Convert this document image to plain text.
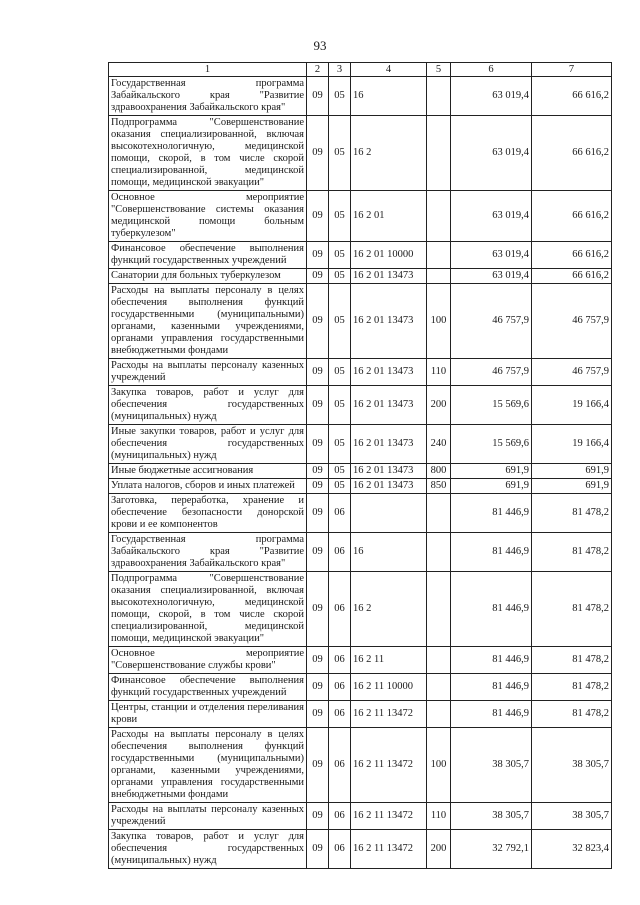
93
1	2	3	4	5	6	7
Государственная программа Забайкальского края "Развитие здравоохранения Забайкальского края"	09	05	16		63 019,4	66 616,2
Подпрограмма "Совершенствование оказания специализированной, включая высокотехнологичную, медицинской помощи, скорой, в том числе скорой специализированной, медицинской помощи, медицинской эвакуации"	09	05	16 2		63 019,4	66 616,2
Основное мероприятие "Совершенствование системы оказания медицинской помощи больным туберкулезом"	09	05	16 2 01		63 019,4	66 616,2
Финансовое обеспечение выполнения функций государственных учреждений	09	05	16 2 01 10000		63 019,4	66 616,2
Санатории для больных туберкулезом	09	05	16 2 01 13473		63 019,4	66 616,2
Расходы на выплаты персоналу в целях обеспечения выполнения функций государственными (муниципальными) органами, казенными учреждениями, органами управления государственными внебюджетными фондами	09	05	16 2 01 13473	100	46 757,9	46 757,9
Расходы на выплаты персоналу казенных учреждений	09	05	16 2 01 13473	110	46 757,9	46 757,9
Закупка товаров, работ и услуг для обеспечения государственных (муниципальных) нужд	09	05	16 2 01 13473	200	15 569,6	19 166,4
Иные закупки товаров, работ и услуг для обеспечения государственных (муниципальных) нужд	09	05	16 2 01 13473	240	15 569,6	19 166,4
Иные бюджетные ассигнования	09	05	16 2 01 13473	800	691,9	691,9
Уплата налогов, сборов и иных платежей	09	05	16 2 01 13473	850	691,9	691,9
Заготовка, переработка, хранение и обеспечение безопасности донорской крови и ее компонентов	09	06			81 446,9	81 478,2
Государственная программа Забайкальского края "Развитие здравоохранения Забайкальского края"	09	06	16		81 446,9	81 478,2
Подпрограмма "Совершенствование оказания специализированной, включая высокотехнологичную, медицинской помощи, скорой, в том числе скорой специализированной, медицинской помощи, медицинской эвакуации"	09	06	16 2		81 446,9	81 478,2
Основное мероприятие "Совершенствование службы крови"	09	06	16 2 11		81 446,9	81 478,2
Финансовое обеспечение выполнения функций государственных учреждений	09	06	16 2 11 10000		81 446,9	81 478,2
Центры, станции и отделения переливания крови	09	06	16 2 11 13472		81 446,9	81 478,2
Расходы на выплаты персоналу в целях обеспечения выполнения функций государственными (муниципальными) органами, казенными учреждениями, органами управления государственными внебюджетными фондами	09	06	16 2 11 13472	100	38 305,7	38 305,7
Расходы на выплаты персоналу казенных учреждений	09	06	16 2 11 13472	110	38 305,7	38 305,7
Закупка товаров, работ и услуг для обеспечения государственных (муниципальных) нужд	09	06	16 2 11 13472	200	32 792,1	32 823,4
